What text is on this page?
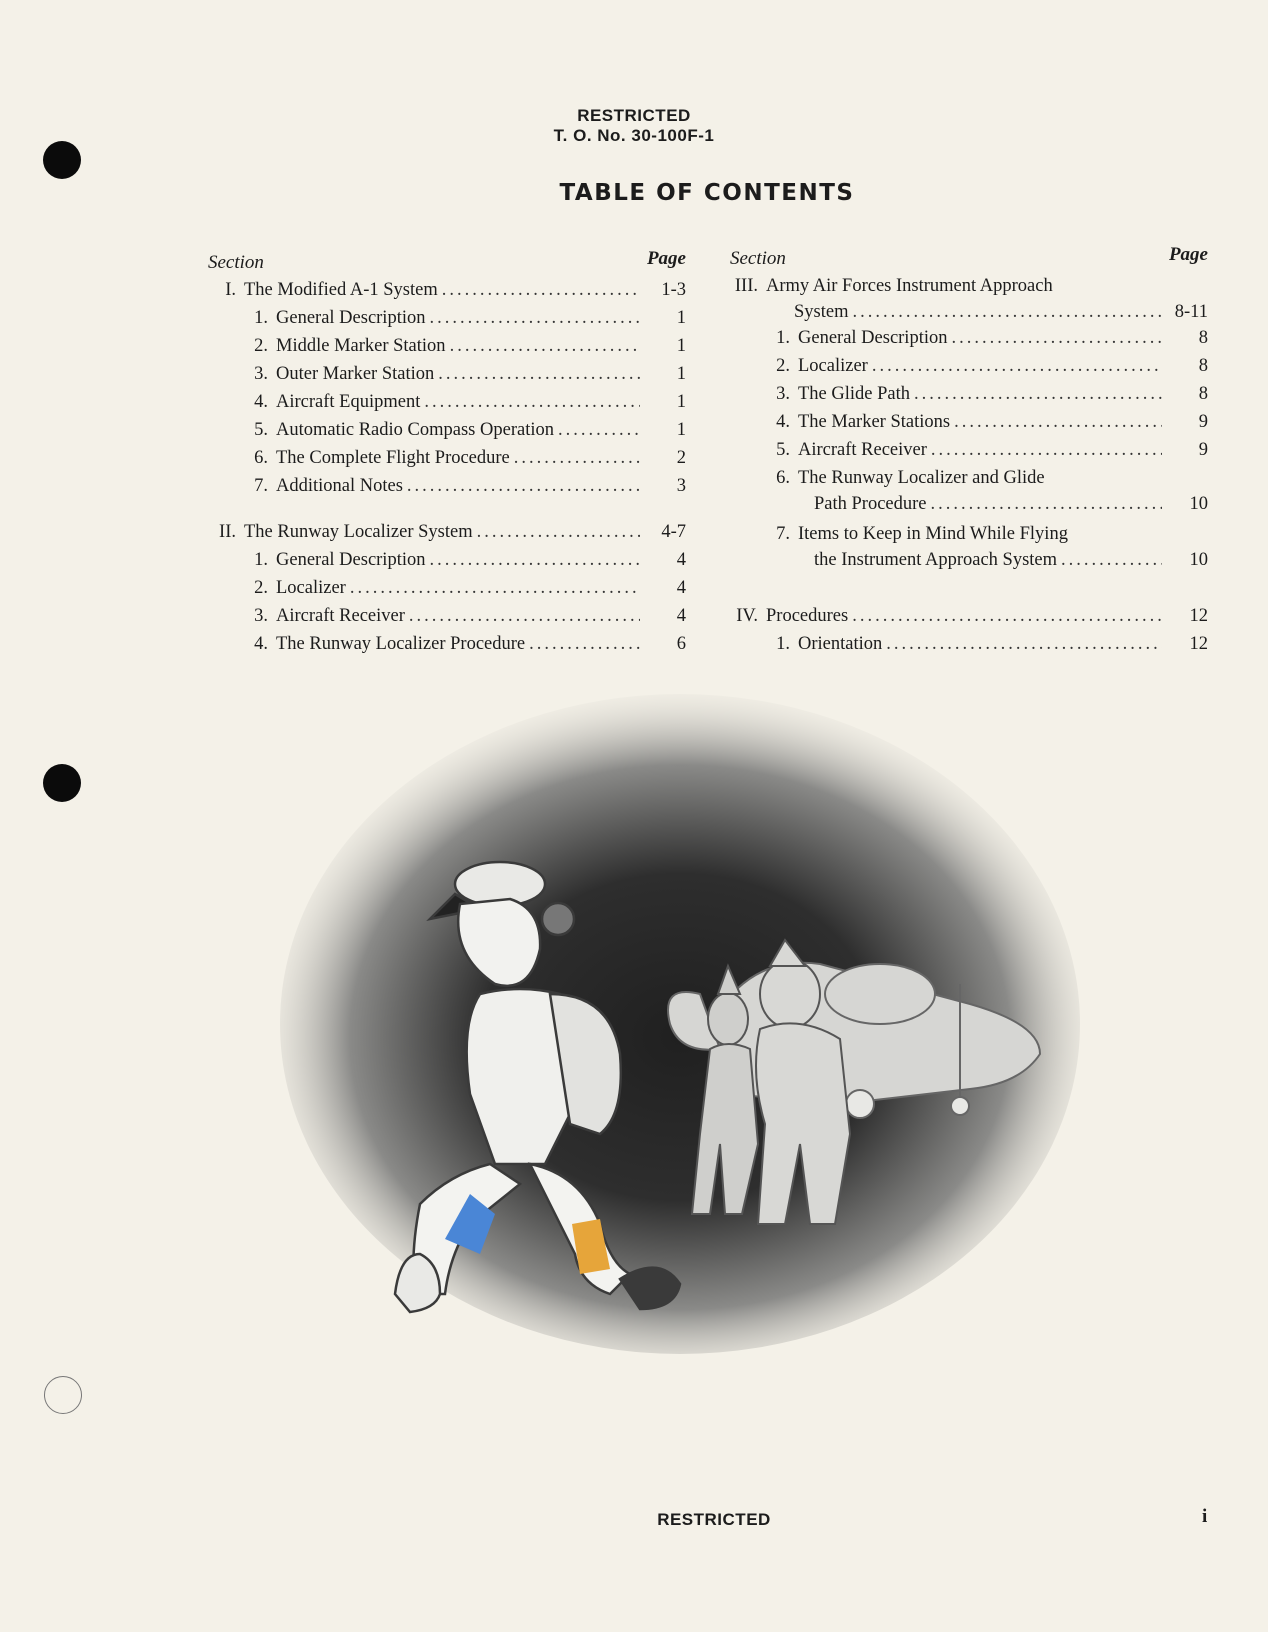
RESTRICTED
T. O. No. 30-100F-1
TABLE OF CONTENTS
Section	Page
I. The Modified A-1 System .....	1-3
1. General Description .....	1
2. Middle Marker Station .....	1
3. Outer Marker Station .....	1
4. Aircraft Equipment .....	1
5. Automatic Radio Compass Operation .....	1
6. The Complete Flight Procedure .....	2
7. Additional Notes .....	3
II. The Runway Localizer System .....	4-7
1. General Description .....	4
2. Localizer .....	4
3. Aircraft Receiver .....	4
4. The Runway Localizer Procedure .....	6
Section	Page
III. Army Air Forces Instrument Approach
System .....	8-11
1. General Description .....	8
2. Localizer .....	8
3. The Glide Path .....	8
4. The Marker Stations .....	9
5. Aircraft Receiver .....	9
6. The Runway Localizer and Glide
Path Procedure .....	10
7. Items to Keep in Mind While Flying
the Instrument Approach System .....	10
IV. Procedures .....	12
1. Orientation .....	12
RESTRICTED	i
